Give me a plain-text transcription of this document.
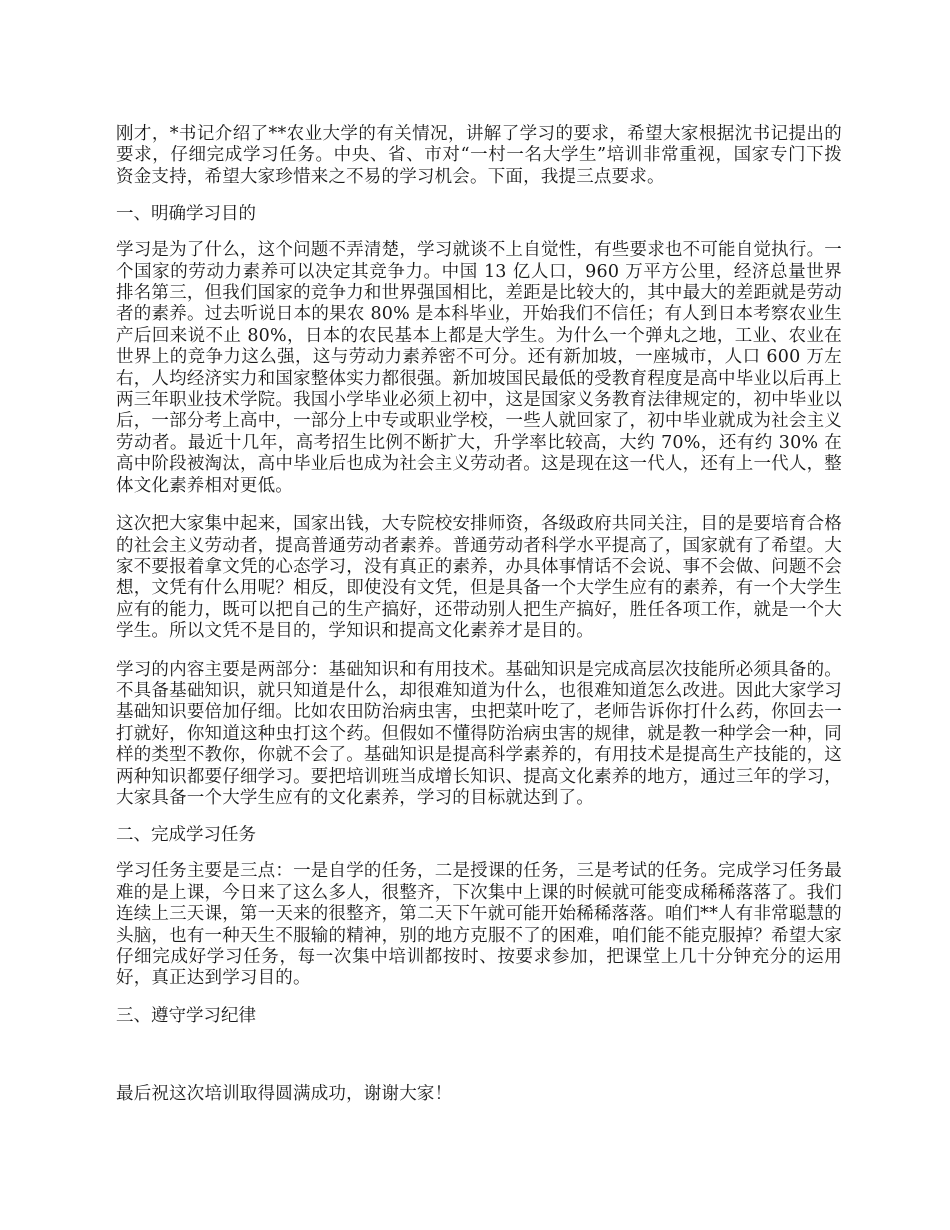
刚才，*书记介绍了**农业大学的有关情况，讲解了学习的要求，希望大家根据沈书记提出的要求，仔细完成学习任务。中央、省、市对“一村一名大学生”培训非常重视，国家专门下拨资金支持，希望大家珍惜来之不易的学习机会。下面，我提三点要求。

一、明确学习目的

学习是为了什么，这个问题不弄清楚，学习就谈不上自觉性，有些要求也不可能自觉执行。一个国家的劳动力素养可以决定其竞争力。中国 13 亿人口，960 万平方公里，经济总量世界排名第三，但我们国家的竞争力和世界强国相比，差距是比较大的，其中最大的差距就是劳动者的素养。过去听说日本的果农 80% 是本科毕业，开始我们不信任；有人到日本考察农业生产后回来说不止 80%，日本的农民基本上都是大学生。为什么一个弹丸之地，工业、农业在世界上的竞争力这么强，这与劳动力素养密不可分。还有新加坡，一座城市，人口 600 万左右，人均经济实力和国家整体实力都很强。新加坡国民最低的受教育程度是高中毕业以后再上两三年职业技术学院。我国小学毕业必须上初中，这是国家义务教育法律规定的，初中毕业以后，一部分考上高中，一部分上中专或职业学校，一些人就回家了，初中毕业就成为社会主义劳动者。最近十几年，高考招生比例不断扩大，升学率比较高，大约 70%，还有约 30% 在高中阶段被淘汰，高中毕业后也成为社会主义劳动者。这是现在这一代人，还有上一代人，整体文化素养相对更低。

这次把大家集中起来，国家出钱，大专院校安排师资，各级政府共同关注，目的是要培育合格的社会主义劳动者，提高普通劳动者素养。普通劳动者科学水平提高了，国家就有了希望。大家不要报着拿文凭的心态学习，没有真正的素养，办具体事情话不会说、事不会做、问题不会想，文凭有什么用呢？相反，即使没有文凭，但是具备一个大学生应有的素养，有一个大学生应有的能力，既可以把自己的生产搞好，还带动别人把生产搞好，胜任各项工作，就是一个大学生。所以文凭不是目的，学知识和提高文化素养才是目的。

学习的内容主要是两部分：基础知识和有用技术。基础知识是完成高层次技能所必须具备的。不具备基础知识，就只知道是什么，却很难知道为什么，也很难知道怎么改进。因此大家学习基础知识要倍加仔细。比如农田防治病虫害，虫把菜叶吃了，老师告诉你打什么药，你回去一打就好，你知道这种虫打这个药。但假如不懂得防治病虫害的规律，就是教一种学会一种，同样的类型不教你，你就不会了。基础知识是提高科学素养的，有用技术是提高生产技能的，这两种知识都要仔细学习。要把培训班当成增长知识、提高文化素养的地方，通过三年的学习，大家具备一个大学生应有的文化素养，学习的目标就达到了。

二、完成学习任务

学习任务主要是三点：一是自学的任务，二是授课的任务，三是考试的任务。完成学习任务最难的是上课，今日来了这么多人，很整齐，下次集中上课的时候就可能变成稀稀落落了。我们连续上三天课，第一天来的很整齐，第二天下午就可能开始稀稀落落。咱们**人有非常聪慧的头脑，也有一种天生不服输的精神，别的地方克服不了的困难，咱们能不能克服掉？希望大家仔细完成好学习任务，每一次集中培训都按时、按要求参加，把课堂上几十分钟充分的运用好，真正达到学习目的。

三、遵守学习纪律

最后祝这次培训取得圆满成功，谢谢大家！
